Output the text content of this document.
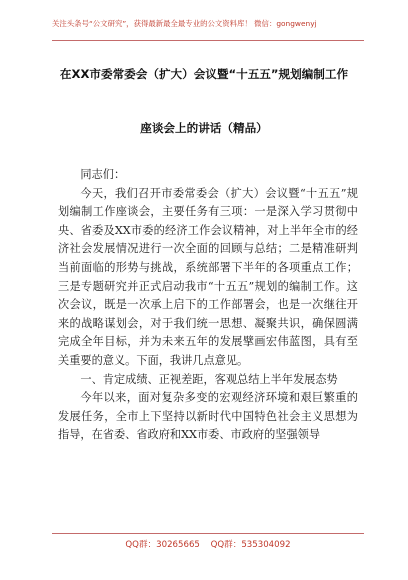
关注头条号“公文研究”，获得最新最全最专业的公文资料库！ 微信：gongwenyj
在XX市委常委会（扩大）会议暨“十五五”规划编制工作
座谈会上的讲话（精品）

同志们：

今天，我们召开市委常委会（扩大）会议暨“十五五”规划编制工作座谈会，主要任务有三项：一是深入学习贯彻中央、省委及XX市委的经济工作会议精神，对上半年全市的经济社会发展情况进行一次全面的回顾与总结；二是精准研判当前面临的形势与挑战，系统部署下半年的各项重点工作；三是专题研究并正式启动我市“十五五”规划的编制工作。这次会议，既是一次承上启下的工作部署会，也是一次继往开来的战略谋划会，对于我们统一思想、凝聚共识，确保圆满完成全年目标，并为未来五年的发展擘画宏伟蓝图，具有至关重要的意义。下面，我讲几点意见。

一、肯定成绩、正视差距，客观总结上半年发展态势

今年以来，面对复杂多变的宏观经济环境和艰巨繁重的发展任务，全市上下坚持以新时代中国特色社会主义思想为指导，在省委、省政府和XX市委、市政府的坚强领导

QQ群：30265665 QQ群：535304092
